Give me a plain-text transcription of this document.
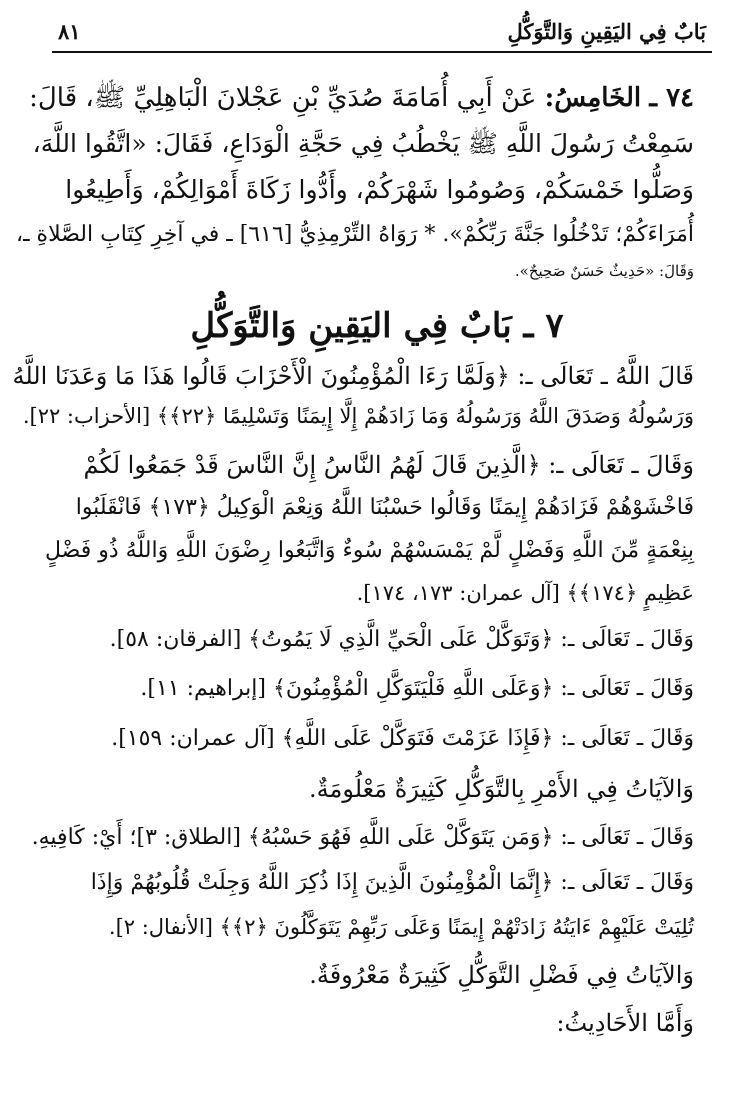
بَابٌ فِي اليَقِينِ وَالتَّوَكُّلِ
٨١
٧٤ ـ الخَامِسُ: عَنْ أَبِي أُمَامَةَ صُدَيِّ بْنِ عَجْلانَ الْبَاهِلِيِّ ﷺ، قَالَ:
سَمِعْتُ رَسُولَ اللَّهِ ﷺ يَخْطُبُ فِي حَجَّةِ الْوَدَاعِ، فَقَالَ: «اتَّقُوا اللَّهَ،
وَصَلُّوا خَمْسَكُمْ، وَصُومُوا شَهْرَكُمْ، وأَدُّوا زَكَاةَ أَمْوَالِكُمْ، وَأَطِيعُوا
أُمَرَاءَكُمْ؛ تَدْخُلُوا جَنَّةَ رَبِّكُمْ». * رَوَاهُ التِّرْمِذِيُّ [٦١٦] ـ في آخِرِ كِتَابِ الصَّلاةِ ـ،
وَقَالَ: «حَدِيثٌ حَسَنٌ صَحِيحٌ».
٧ ـ بَابٌ فِي اليَقِينِ وَالتَّوَكُّلِ
قَالَ اللَّهُ ـ تَعَالَى ـ: ﴿وَلَمَّا رَءَا الْمُؤْمِنُونَ الْأَحْزَابَ قَالُوا هَذَا مَا وَعَدَنَا اللَّهُ
وَرَسُولُهُ وَصَدَقَ اللَّهُ وَرَسُولُهُ وَمَا زَادَهُمْ إِلَّا إِيمَنًا وَتَسْلِيمًا ﴿٢٢﴾﴾ [الأحزاب: ٢٢].
وَقَالَ ـ تَعَالَى ـ: ﴿الَّذِينَ قَالَ لَهُمُ النَّاسُ إِنَّ النَّاسَ قَدْ جَمَعُوا لَكُمْ
فَاخْشَوْهُمْ فَزَادَهُمْ إِيمَنًا وَقَالُوا حَسْبُنَا اللَّهُ وَنِعْمَ الْوَكِيلُ ﴿١٧٣﴾ فَانْقَلَبُوا
بِنِعْمَةٍ مِّنَ اللَّهِ وَفَضْلٍ لَّمْ يَمْسَسْهُمْ سُوءٌ وَاتَّبَعُوا رِضْوَنَ اللَّهِ وَاللَّهُ ذُو فَضْلٍ
عَظِيمٍ ﴿١٧٤﴾﴾ [آل عمران: ١٧٣، ١٧٤].
وَقَالَ ـ تَعَالَى ـ: ﴿وَتَوَكَّلْ عَلَى الْحَيِّ الَّذِي لَا يَمُوتُ﴾ [الفرقان: ٥٨].
وَقَالَ ـ تَعَالَى ـ: ﴿وَعَلَى اللَّهِ فَلْيَتَوَكَّلِ الْمُؤْمِنُونَ﴾ [إبراهيم: ١١].
وَقَالَ ـ تَعَالَى ـ: ﴿فَإِذَا عَزَمْتَ فَتَوَكَّلْ عَلَى اللَّهِ﴾ [آل عمران: ١٥٩].
وَالآيَاتُ فِي الأَمْرِ بِالتَّوَكُّلِ كَثِيرَةٌ مَعْلُومَةٌ.
وَقَالَ ـ تَعَالَى ـ: ﴿وَمَن يَتَوَكَّلْ عَلَى اللَّهِ فَهُوَ حَسْبُهُ﴾ [الطلاق: ٣]؛ أَيْ: كَافِيهِ.
وَقَالَ ـ تَعَالَى ـ: ﴿إِنَّمَا الْمُؤْمِنُونَ الَّذِينَ إِذَا ذُكِرَ اللَّهُ وَجِلَتْ قُلُوبُهُمْ وَإِذَا
تُلِيَتْ عَلَيْهِمْ ءَايَتُهُ زَادَتْهُمْ إِيمَنًا وَعَلَى رَبِّهِمْ يَتَوَكَّلُونَ ﴿٢﴾﴾ [الأنفال: ٢].
وَالآيَاتُ فِي فَضْلِ التَّوَكُّلِ كَثِيرَةٌ مَعْرُوفَةٌ.
وَأَمَّا الأَحَادِيثُ:
